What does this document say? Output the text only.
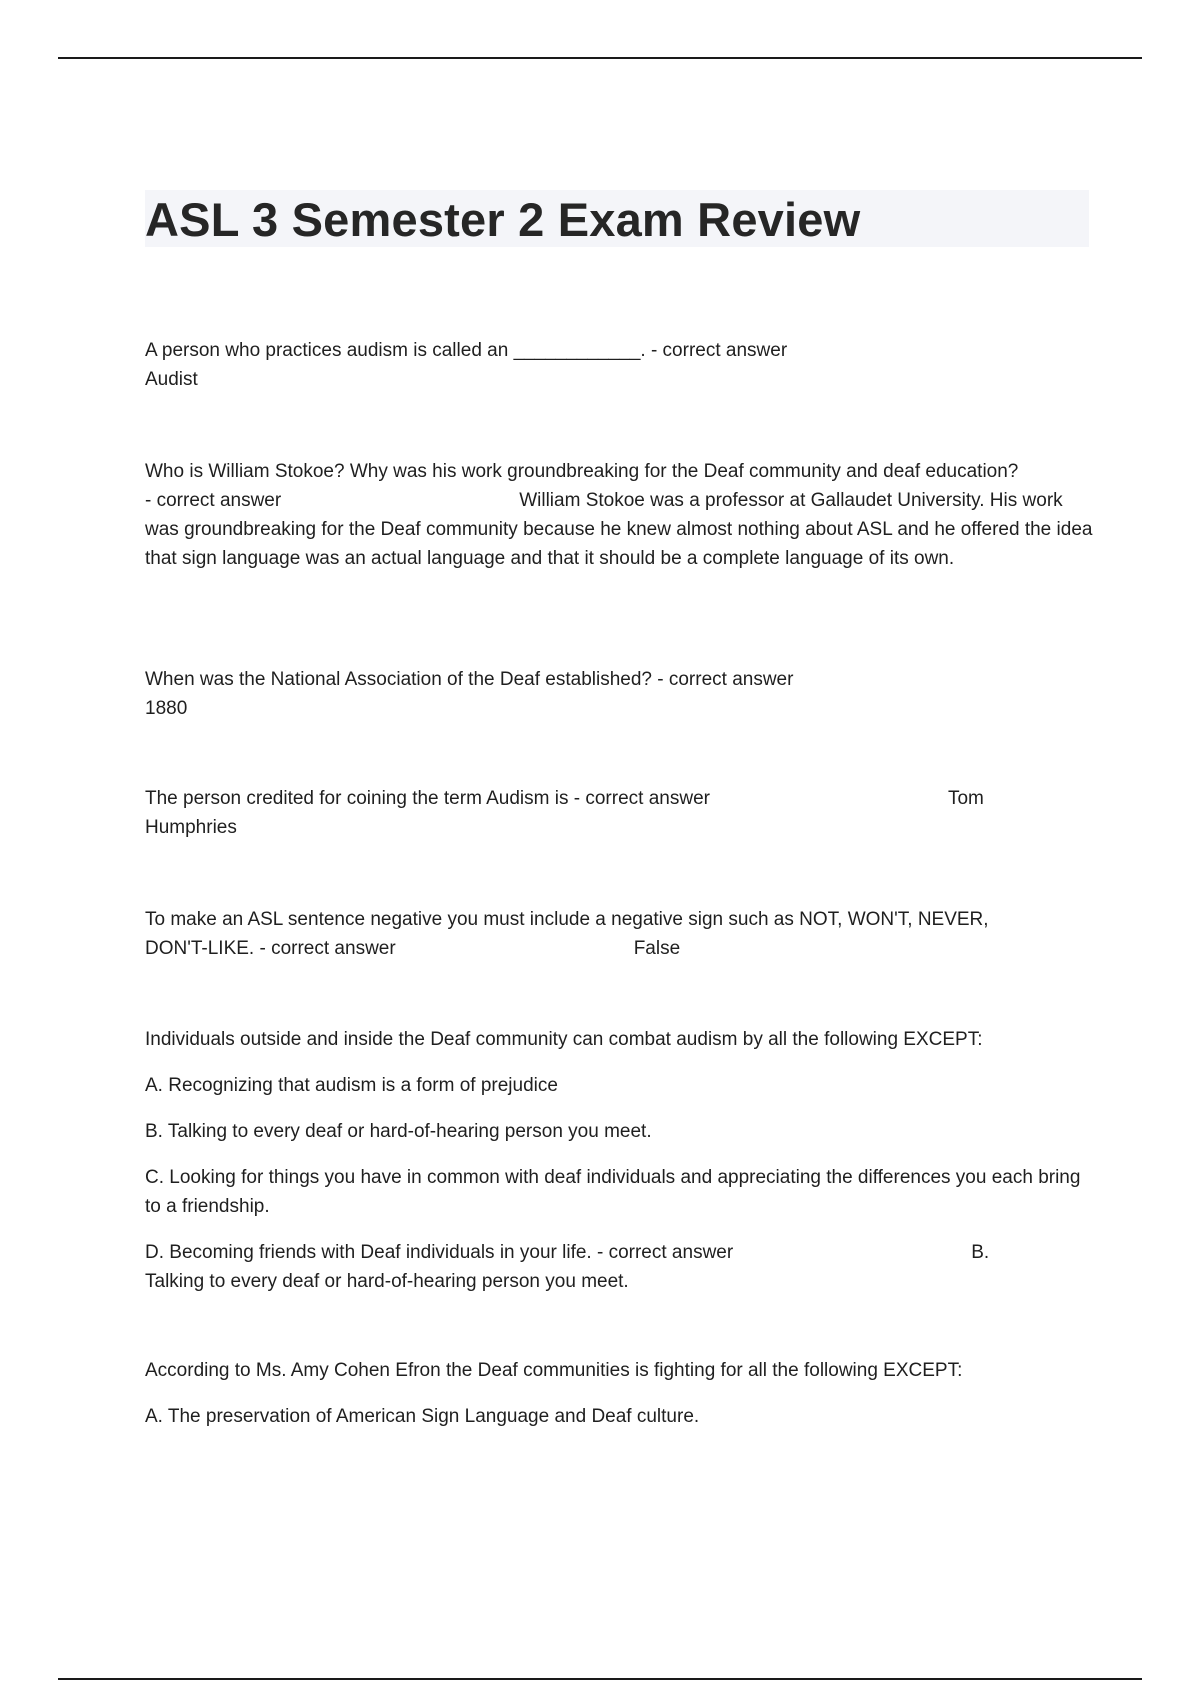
ASL 3 Semester 2 Exam Review

A person who practices audism is called an ____________. - correct answer

Audist

Who is William Stokoe? Why was his work groundbreaking for the Deaf community and deaf education?

- correct answer	William Stokoe was a professor at Gallaudet University. His work was groundbreaking for the Deaf community because he knew almost nothing about ASL and he offered the idea that sign language was an actual language and that it should be a complete language of its own.

When was the National Association of the Deaf established? - correct answer

1880

The person credited for coining the term Audism is - correct answer	Tom

Humphries

To make an ASL sentence negative you must include a negative sign such as NOT, WON'T, NEVER,

DON'T-LIKE. - correct answer	False

Individuals outside and inside the Deaf community can combat audism by all the following EXCEPT:

A. Recognizing that audism is a form of prejudice

B. Talking to every deaf or hard-of-hearing person you meet.

C. Looking for things you have in common with deaf individuals and appreciating the differences you each bring to a friendship.

D. Becoming friends with Deaf individuals in your life. - correct answer	B.

Talking to every deaf or hard-of-hearing person you meet.

According to Ms. Amy Cohen Efron the Deaf communities is fighting for all the following EXCEPT:

A. The preservation of American Sign Language and Deaf culture.
